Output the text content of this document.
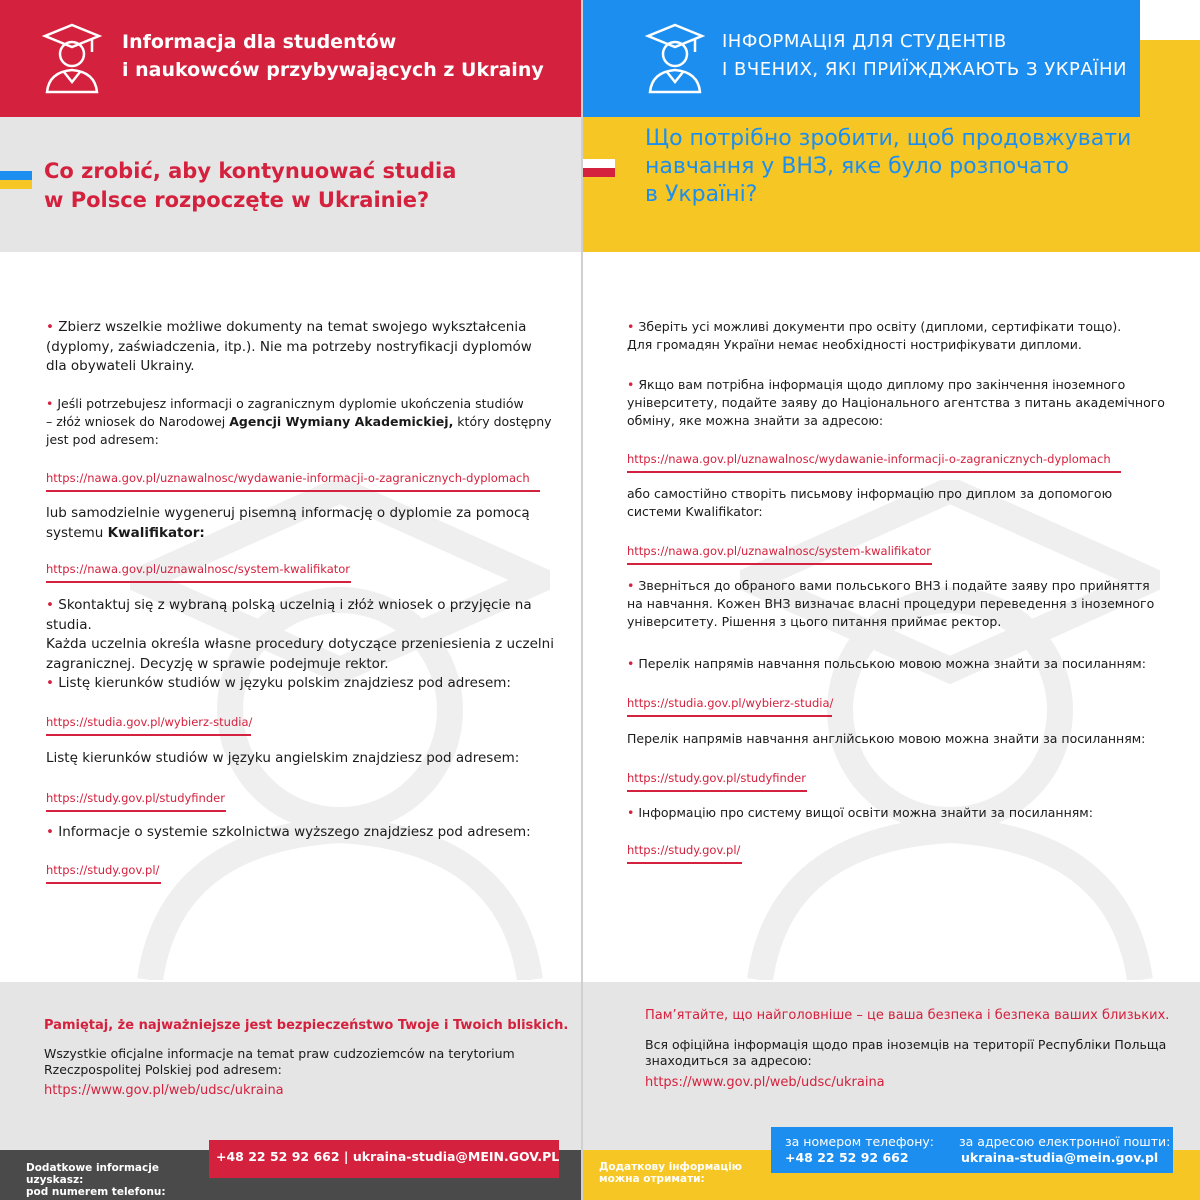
Informacja dla studentów
i naukowców przybywających z Ukrainy
ІНФОРМАЦІЯ ДЛЯ СТУДЕНТІВ
І ВЧЕНИХ, ЯКІ ПРИЇЖДЖАЮТЬ З УКРАЇНИ
Co zrobić, aby kontynuować studia
w Polsce rozpoczęte w Ukrainie?
Що потрібно зробити, щоб продовжувати
навчання у ВНЗ, яке було розпочато
в Україні?
• Zbierz wszelkie możliwe dokumenty na temat swojego wykształcenia
(dyplomy, zaświadczenia, itp.). Nie ma potrzeby nostryfikacji dyplomów
dla obywateli Ukrainy.
• Jeśli potrzebujesz informacji o zagranicznym dyplomie ukończenia studiów
– złóż wniosek do Narodowej Agencji Wymiany Akademickiej, który dostępny
jest pod adresem:
https://nawa.gov.pl/uznawalnosc/wydawanie-informacji-o-zagranicznych-dyplomach
lub samodzielnie wygeneruj pisemną informację o dyplomie za pomocą
systemu Kwalifikator:
https://nawa.gov.pl/uznawalnosc/system-kwalifikator
• Skontaktuj się z wybraną polską uczelnią i złóż wniosek o przyjęcie na studia.
Każda uczelnia określa własne procedury dotyczące przeniesienia z uczelni
zagranicznej. Decyzję w sprawie podejmuje rektor.
• Listę kierunków studiów w języku polskim znajdziesz pod adresem:
https://studia.gov.pl/wybierz-studia/
Listę kierunków studiów w języku angielskim znajdziesz pod adresem:
https://study.gov.pl/studyfinder
• Informacje o systemie szkolnictwa wyższego znajdziesz pod adresem:
https://study.gov.pl/
• Зберіть усі можливі документи про освіту (дипломи, сертифікати тощо).
Для громадян України немає необхідності нострифікувати дипломи.
• Якщо вам потрібна інформація щодо диплому про закінчення іноземного
університету, подайте заяву до Національного агентства з питань академічного
обміну, яке можна знайти за адресою:
https://nawa.gov.pl/uznawalnosc/wydawanie-informacji-o-zagranicznych-dyplomach
або самостійно створіть письмову інформацію про диплом за допомогою
системи Kwalifikator:
https://nawa.gov.pl/uznawalnosc/system-kwalifikator
• Зверніться до обраного вами польського ВНЗ і подайте заяву про прийняття
на навчання. Кожен ВНЗ визначає власні процедури переведення з іноземного
університету. Рішення з цього питання приймає ректор.
• Перелік напрямів навчання польською мовою можна знайти за посиланням:
https://studia.gov.pl/wybierz-studia/
Перелік напрямів навчання англійською мовою можна знайти за посиланням:
https://study.gov.pl/studyfinder
• Інформацію про систему вищої освіти можна знайти за посиланням:
https://study.gov.pl/
Pamiętaj, że najważniejsze jest bezpieczeństwo Twoje i Twoich bliskich.
Wszystkie oficjalne informacje na temat praw cudzoziemców na terytorium
Rzeczpospolitej Polskiej pod adresem:
https://www.gov.pl/web/udsc/ukraina
Dodatkowe informacje uzyskasz:
pod numerem telefonu:
+48 22 52 92 662 | ukraina-studia@MEIN.GOV.PL
Пам’ятайте, що найголовніше – це ваша безпека і безпека ваших близьких.
Вся офіційна інформація щодо прав іноземців на території Республіки Польща
знаходиться за адресою:
https://www.gov.pl/web/udsc/ukraina
Додаткову інформацію
можна отримати:
за номером телефону:
+48 22 52 92 662
за адресою електронної пошти:
ukraina-studia@mein.gov.pl
